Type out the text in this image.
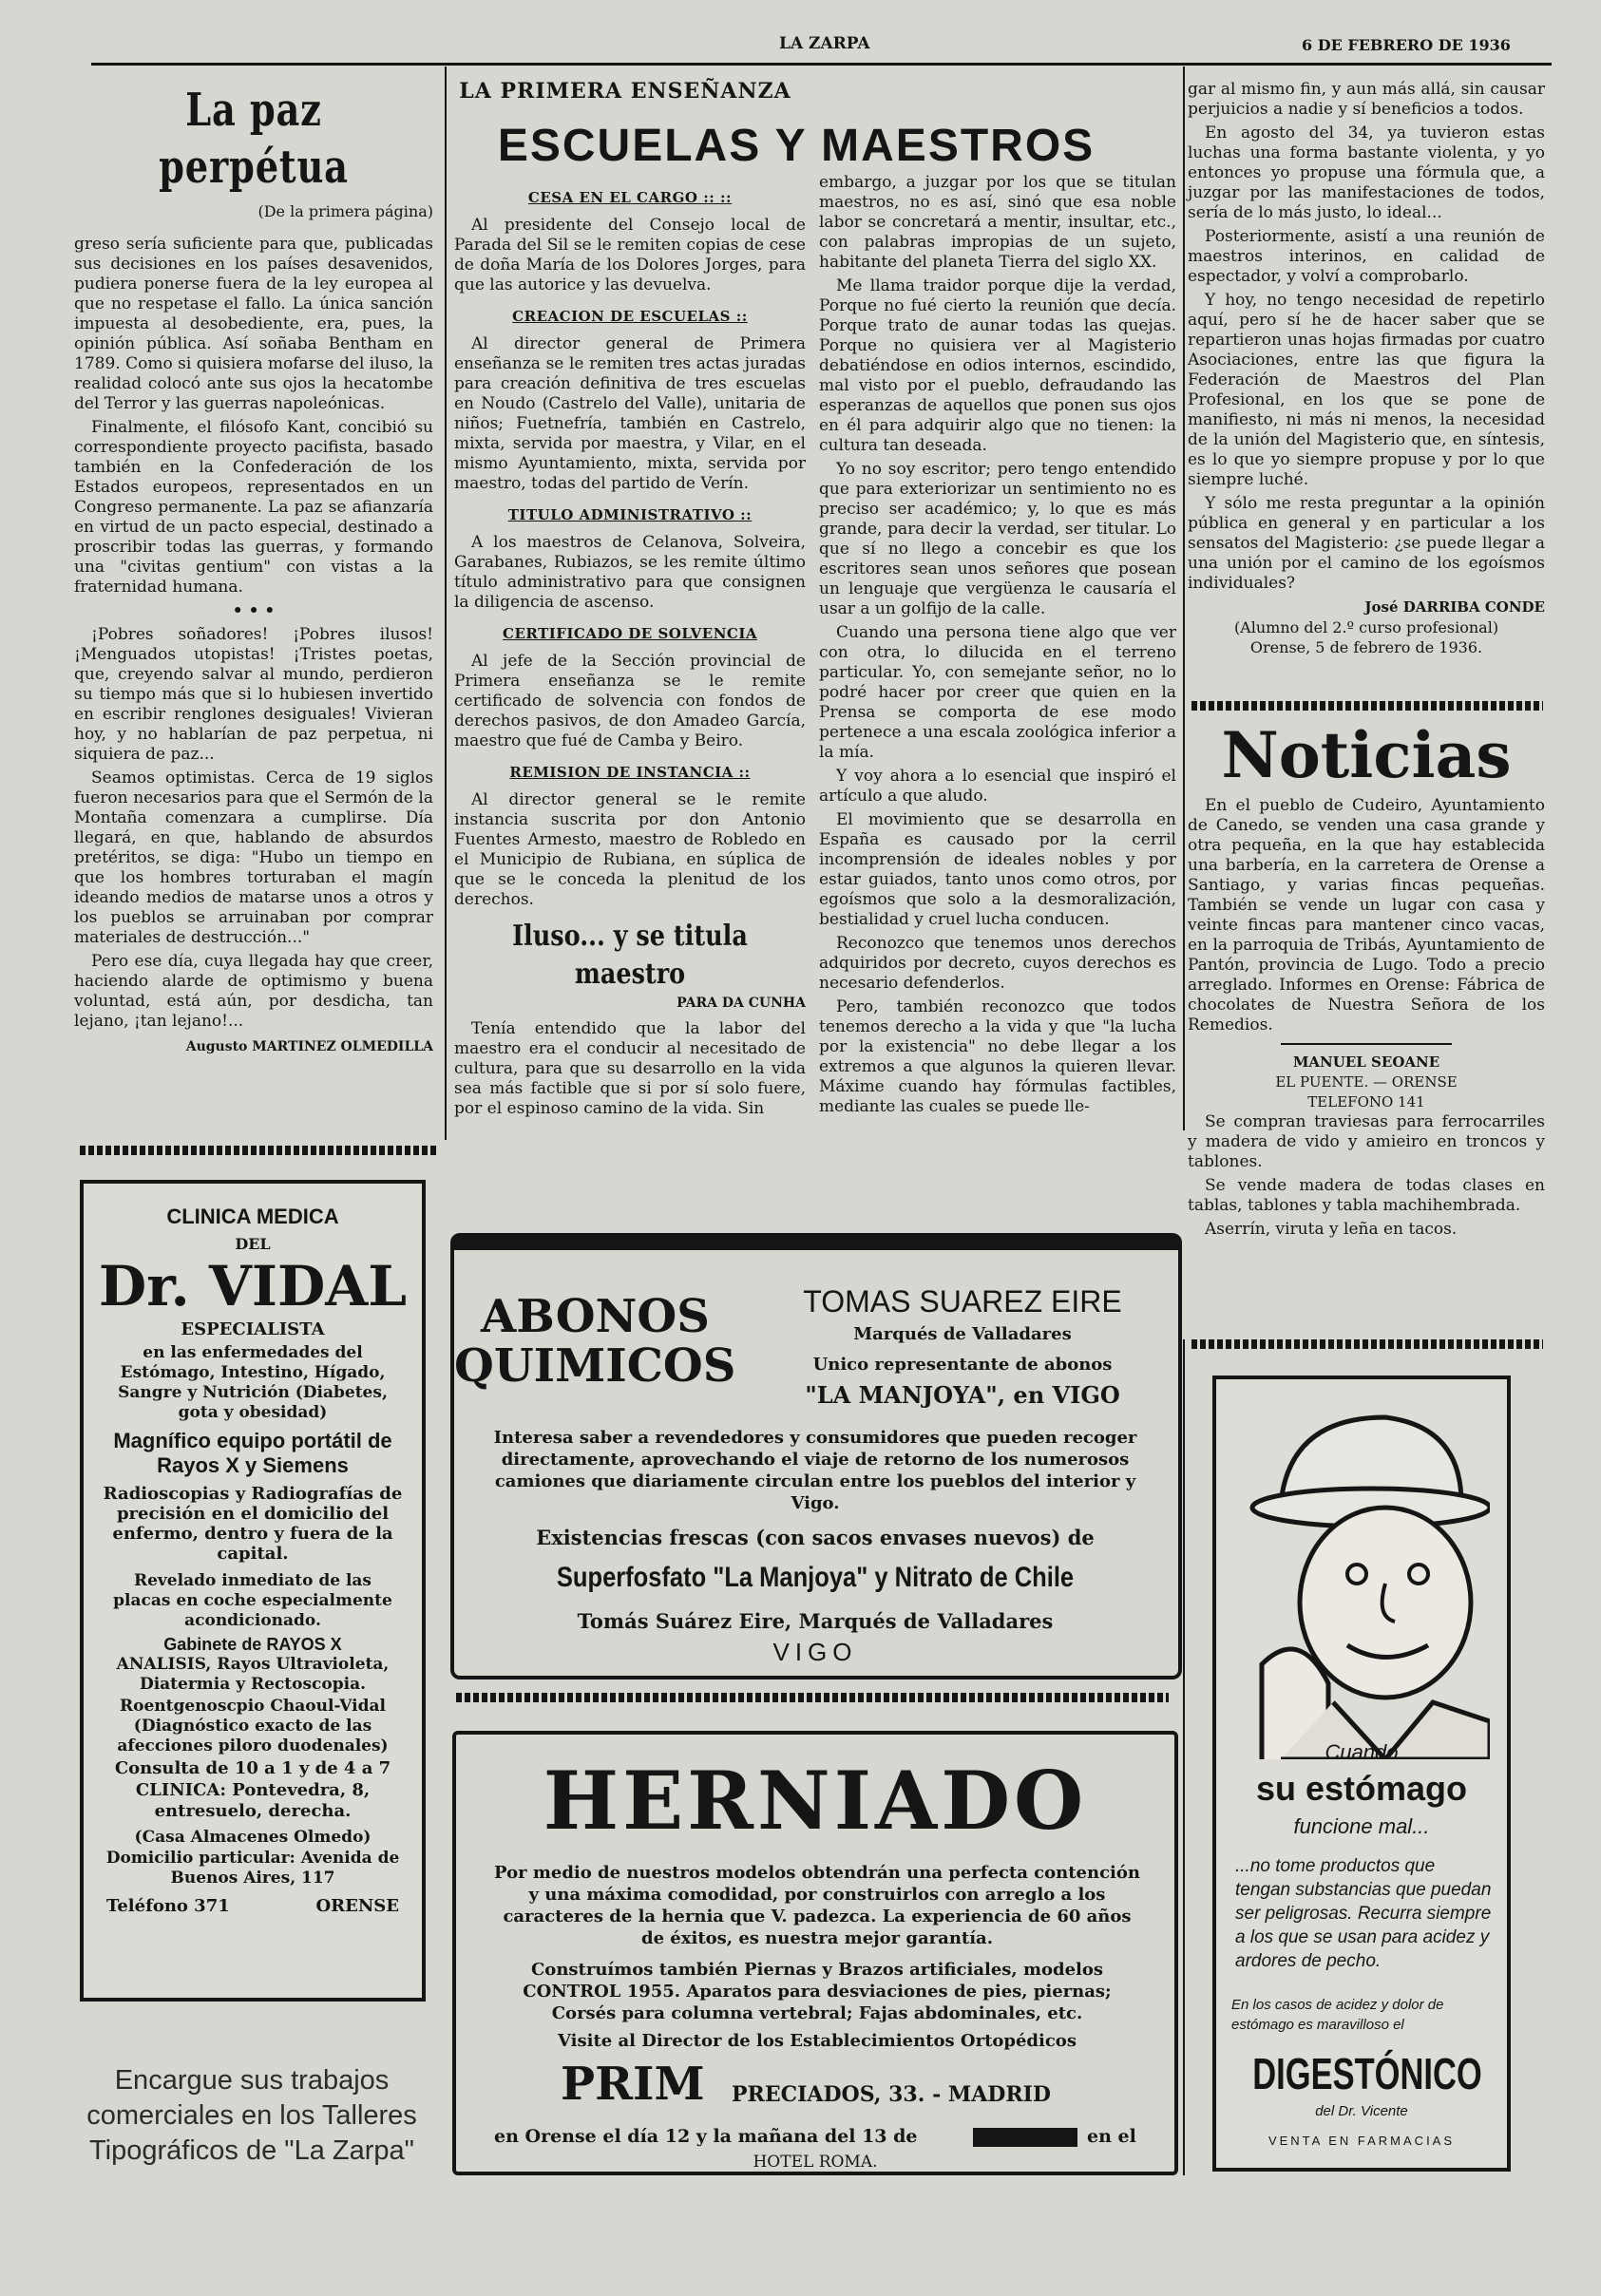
LA ZARPA	6 DE FEBRERO DE 1936
La paz perpétua
(De la primera página)

greso sería suficiente para que, publicadas sus decisiones en los países desavenidos, pudiera ponerse fuera de la ley europea al que no respetase el fallo. La única sanción impuesta al desobediente, era, pues, la opinión pública. Así soñaba Bentham en 1789. Como si quisiera mofarse del iluso, la realidad colocó ante sus ojos la hecatombe del Terror y las guerras napoleónicas.

Finalmente, el filósofo Kant, concibió su correspondiente proyecto pacifista, basado también en la Confederación de los Estados europeos, representados en un Congreso permanente. La paz se afianzaría en virtud de un pacto especial, destinado a proscribir todas las guerras, y formando una "civitas gentium" con vistas a la fraternidad humana.

• • •

¡Pobres soñadores! ¡Pobres ilusos! ¡Menguados utopistas! ¡Tristes poetas, que, creyendo salvar al mundo, perdieron su tiempo más que si lo hubiesen invertido en escribir renglones desiguales! Vivieran hoy, y no hablarían de paz perpetua, ni siquiera de paz...

Seamos optimistas. Cerca de 19 siglos fueron necesarios para que el Sermón de la Montaña comenzara a cumplirse. Día llegará, en que, hablando de absurdos pretéritos, se diga: "Hubo un tiempo en que los hombres torturaban el magín ideando medios de matarse unos a otros y los pueblos se arruinaban por comprar materiales de destrucción..."

Pero ese día, cuya llegada hay que creer, haciendo alarde de optimismo y buena voluntad, está aún, por desdicha, tan lejano, ¡tan lejano!...

Augusto MARTINEZ OLMEDILLA
CLINICA MEDICA
DEL
Dr. VIDAL
ESPECIALISTA
en las enfermedades del Estómago, Intestino, Hígado, Sangre y Nutrición (Diabetes, gota y obesidad)
Magnífico equipo portátil de Rayos X y Siemens
Radioscopias y Radiografías de precisión en el domicilio del enfermo, dentro y fuera de la capital.
Revelado inmediato de las placas en coche especialmente acondicionado.
Gabinete de RAYOS X
ANALISIS, Rayos Ultravioleta, Diatermia y Rectoscopia.
Roentgenoscpio Chaoul-Vidal (Diagnóstico exacto de las afecciones piloro duodenales)
Consulta de 10 a 1 y de 4 a 7
CLINICA: Pontevedra, 8, entresuelo, derecha.
(Casa Almacenes Olmedo)
Domicilio particular: Avenida de Buenos Aires, 117
Teléfono 371	ORENSE
Encargue sus trabajos comerciales en los Talleres Tipográficos de "La Zarpa"
LA PRIMERA ENSEÑANZA
ESCUELAS Y MAESTROS
CESA EN EL CARGO :: ::

Al presidente del Consejo local de Parada del Sil se le remiten copias de cese de doña María de los Dolores Jorges, para que las autorice y las devuelva.

CREACION DE ESCUELAS ::

Al director general de Primera enseñanza se le remiten tres actas juradas para creación definitiva de tres escuelas en Noudo (Castrelo del Valle), unitaria de niños; Fuetnefría, también en Castrelo, mixta, servida por maestra, y Vilar, en el mismo Ayuntamiento, mixta, servida por maestro, todas del partido de Verín.

TITULO ADMINISTRATIVO ::

A los maestros de Celanova, Solveira, Garabanes, Rubiazos, se les remite último título administrativo para que consignen la diligencia de ascenso.

CERTIFICADO DE SOLVENCIA

Al jefe de la Sección provincial de Primera enseñanza se le remite certificado de solvencia con fondos de derechos pasivos, de don Amadeo García, maestro que fué de Camba y Beiro.

REMISION DE INSTANCIA ::

Al director general se le remite instancia suscrita por don Antonio Fuentes Armesto, maestro de Robledo en el Municipio de Rubiana, en súplica de que se le conceda la plenitud de los derechos.

Iluso... y se titula maestro
PARA DA CUNHA

Tenía entendido que la labor del maestro era el conducir al necesitado de cultura, para que su desarrollo en la vida sea más factible que si por sí solo fuere, por el espinoso camino de la vida. Sin

embargo, a juzgar por los que se titulan maestros, no es así, sinó que esa noble labor se concretará a mentir, insultar, etc., con palabras impropias de un sujeto, habitante del planeta Tierra del siglo XX.

Me llama traidor porque dije la verdad, Porque no fué cierto la reunión que decía. Porque trato de aunar todas las quejas. Porque no quisiera ver al Magisterio debatiéndose en odios internos, escindido, mal visto por el pueblo, defraudando las esperanzas de aquellos que ponen sus ojos en él para adquirir algo que no tienen: la cultura tan deseada.

Yo no soy escritor; pero tengo entendido que para exteriorizar un sentimiento no es preciso ser académico; y, lo que es más grande, para decir la verdad, ser titular. Lo que sí no llego a concebir es que los escritores sean unos señores que posean un lenguaje que vergüenza le causaría el usar a un golfijo de la calle.

Cuando una persona tiene algo que ver con otra, lo dilucida en el terreno particular. Yo, con semejante señor, no lo podré hacer por creer que quien en la Prensa se comporta de ese modo pertenece a una escala zoológica inferior a la mía.

Y voy ahora a lo esencial que inspiró el artículo a que aludo.

El movimiento que se desarrolla en España es causado por la cerril incomprensión de ideales nobles y por estar guiados, tanto unos como otros, por egoísmos que solo a la desmoralización, bestialidad y cruel lucha conducen.

Reconozco que tenemos unos derechos adquiridos por decreto, cuyos derechos es necesario defenderlos.

Pero, también reconozco que todos tenemos derecho a la vida y que "la lucha por la existencia" no debe llegar a los extremos a que algunos la quieren llevar. Máxime cuando hay fórmulas factibles, mediante las cuales se puede lle-

gar al mismo fin, y aun más allá, sin causar perjuicios a nadie y sí beneficios a todos.

En agosto del 34, ya tuvieron estas luchas una forma bastante violenta, y yo entonces yo propuse una fórmula que, a juzgar por las manifestaciones de todos, sería de lo más justo, lo ideal...

Posteriormente, asistí a una reunión de maestros interinos, en calidad de espectador, y volví a comprobarlo.

Y hoy, no tengo necesidad de repetirlo aquí, pero sí he de hacer saber que se repartieron unas hojas firmadas por cuatro Asociaciones, entre las que figura la Federación de Maestros del Plan Profesional, en los que se pone de manifiesto, ni más ni menos, la necesidad de la unión del Magisterio que, en síntesis, es lo que yo siempre propuse y por lo que siempre luché.

Y sólo me resta preguntar a la opinión pública en general y en particular a los sensatos del Magisterio: ¿se puede llegar a una unión por el camino de los egoísmos individuales?

José DARRIBA CONDE
(Alumno del 2.º curso profesional)
Orense, 5 de febrero de 1936.
Noticias

En el pueblo de Cudeiro, Ayuntamiento de Canedo, se venden una casa grande y otra pequeña, en la que hay establecida una barbería, en la carretera de Orense a Santiago, y varias fincas pequeñas. También se vende un lugar con casa y veinte fincas para mantener cinco vacas, en la parroquia de Tribás, Ayuntamiento de Pantón, provincia de Lugo. Todo a precio arreglado. Informes en Orense: Fábrica de chocolates de Nuestra Señora de los Remedios.

MANUEL SEOANE
EL PUENTE. — ORENSE
TELEFONO 141

Se compran traviesas para ferrocarriles y madera de vido y amieiro en troncos y tablones.

Se vende madera de todas clases en tablas, tablones y tabla machihembrada.

Aserrín, viruta y leña en tacos.

ABONOS
QUIMICOS
TOMAS SUAREZ EIRE
Marqués de Valladares
Unico representante de abonos
"LA MANJOYA", en VIGO
Interesa saber a revendedores y consumidores que pueden recoger directamente, aprovechando el viaje de retorno de los numerosos camiones que diariamente circulan entre los pueblos del interior y Vigo.
Existencias frescas (con sacos envases nuevos) de
Superfosfato "La Manjoya" y Nitrato de Chile
Tomás Suárez Eire, Marqués de Valladares
VIGO
HERNIADO
Por medio de nuestros modelos obtendrán una perfecta contención y una máxima comodidad, por construirlos con arreglo a los caracteres de la hernia que V. padezca. La experiencia de 60 años de éxitos, es nuestra mejor garantía.
Construímos también Piernas y Brazos artificiales, modelos CONTROL 1955. Aparatos para desviaciones de pies, piernas; Corsés para columna vertebral; Fajas abdominales, etc.
Visite al Director de los Establecimientos Ortopédicos
PRIM PRECIADOS, 33. - MADRID
en Orense el día 12 y la mañana del 13 de	en el
HOTEL ROMA.
Cuando
su estómago
funcione mal...
...no tome productos que tengan substancias que puedan ser peligrosas. Recurra siempre a los que se usan para acidez y ardores de pecho.
En los casos de acidez y dolor de estómago es maravilloso el
DIGESTÓNICO
del Dr. Vicente
VENTA EN FARMACIAS
